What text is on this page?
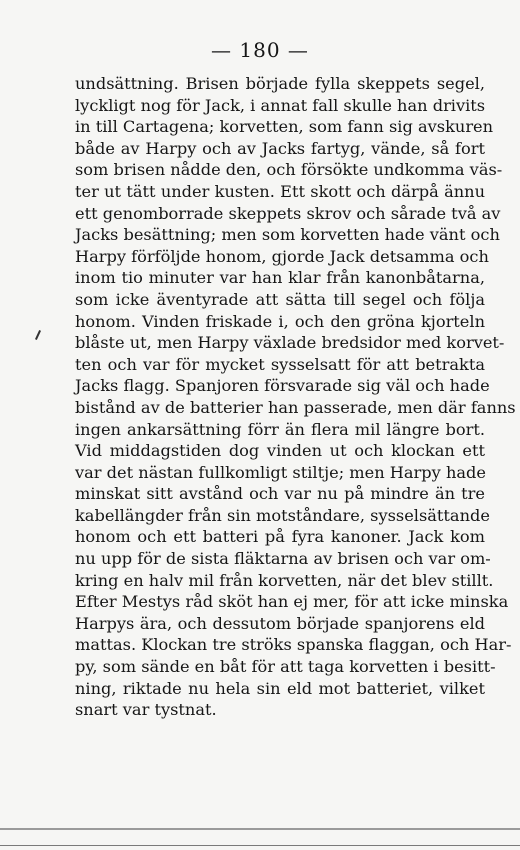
— 180 —
undsättning. Brisen började fylla skeppets segel,
lyckligt nog för Jack, i annat fall skulle han drivits
in till Cartagena; korvetten, som fann sig avskuren
både av Harpy och av Jacks fartyg, vände, så fort
som brisen nådde den, och försökte undkomma väs-
ter ut tätt under kusten. Ett skott och därpå ännu
ett genomborrade skeppets skrov och sårade två av
Jacks besättning; men som korvetten hade vänt och
Harpy förföljde honom, gjorde Jack detsamma och
inom tio minuter var han klar från kanonbåtarna,
som icke äventyrade att sätta till segel och följa
honom. Vinden friskade i, och den gröna kjorteln
blåste ut, men Harpy växlade bredsidor med korvet-
ten och var för mycket sysselsatt för att betrakta
Jacks flagg. Spanjoren försvarade sig väl och hade
bistånd av de batterier han passerade, men där fanns
ingen ankarsättning förr än flera mil längre bort.
Vid middagstiden dog vinden ut och klockan ett
var det nästan fullkomligt stiltje; men Harpy hade
minskat sitt avstånd och var nu på mindre än tre
kabellängder från sin motståndare, sysselsättande
honom och ett batteri på fyra kanoner. Jack kom
nu upp för de sista fläktarna av brisen och var om-
kring en halv mil från korvetten, när det blev stillt.
Efter Mestys råd sköt han ej mer, för att icke minska
Harpys ära, och dessutom började spanjorens eld
mattas. Klockan tre ströks spanska flaggan, och Har-
py, som sände en båt för att taga korvetten i besitt-
ning, riktade nu hela sin eld mot batteriet, vilket
snart var tystnat.
